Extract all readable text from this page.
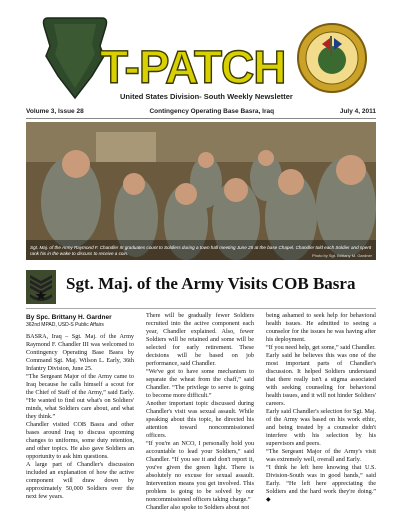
T-PATCH
United States Division- South Weekly Newsletter
Volume 3, Issue 28	Contingency Operating Base Basra, Iraq	July 4, 2011
Sgt. Maj. of the Army Raymond F. Chandler III graduates count to Soldiers during a town hall meeting June 25 at the base Chapel. Chandler told each Soldier and spent rank his in the wake to discuss to receive a coin.	Photo by Sgt. Brittany M. Gardner
Sgt. Maj. of the Army Visits COB Basra
By Spc. Brittany H. Gardner
362nd MPAD, USD-S Public Affairs

BASRA, Iraq – Sgt. Maj. of the Army Raymond F. Chandler III was welcomed to Contingency Operating Base Basra by Command Sgt. Maj. Wilson L. Early, 36th Infantry Division, June 25.

“The Sergeant Major of the Army came to Iraq because he calls himself a scout for the Chief of Staff of the Army,” said Early. “He wanted to find out what's on Soldiers' minds, what Soldiers care about, and what they think.”

Chandler visited COB Basra and other bases around Iraq to discuss upcoming changes to uniforms, some duty retention, and other topics. He also gave Soldiers an opportunity to ask him questions.

A large part of Chandler's discussion included an explanation of how the active component will draw down by approximately 50,000 Soldiers over the next few years.

There will be gradually fewer Soldiers recruited into the active component each year, Chandler explained. Also, fewer Soldiers will be retained and some will be selected for early retirement. These decisions will be based on job performance, said Chandler.

“We've got to have some mechanism to separate the wheat from the chaff,” said Chandler. “The privilege to serve is going to become more difficult.”

Another important topic discussed during Chandler's visit was sexual assault. While speaking about this topic, he directed his attention toward noncommissioned officers.

“If you're an NCO, I personally hold you accountable to lead your Soldiers,” said Chandler. “If you see it and don't report it, you've given the green light. There is absolutely no excuse for sexual assault. Intervention means you get involved. This problem is going to be solved by our noncommissioned officers taking charge.”

Chandler also spoke to Soldiers about not

being ashamed to seek help for behavioral health issues. He admitted to seeing a counselor for the issues he was having after his deployment.

“If you need help, get some,” said Chandler.

Early said he believes this was one of the most important parts of Chandler's discussion. It helped Soldiers understand that there really isn't a stigma associated with seeking counseling for behavioral health issues, and it will not hinder Soldiers' careers.

Early said Chandler's selection for Sgt. Maj. of the Army was based on his work ethic, and being treated by a counselor didn't interfere with his selection by his supervisors and peers.

“The Sergeant Major of the Army's visit was extremely well, overall and Early.

“I think he left here knowing that U.S. Division-South was in good hands,” said Early. “He left here appreciating the Soldiers and the hard work they're doing.” ◆
